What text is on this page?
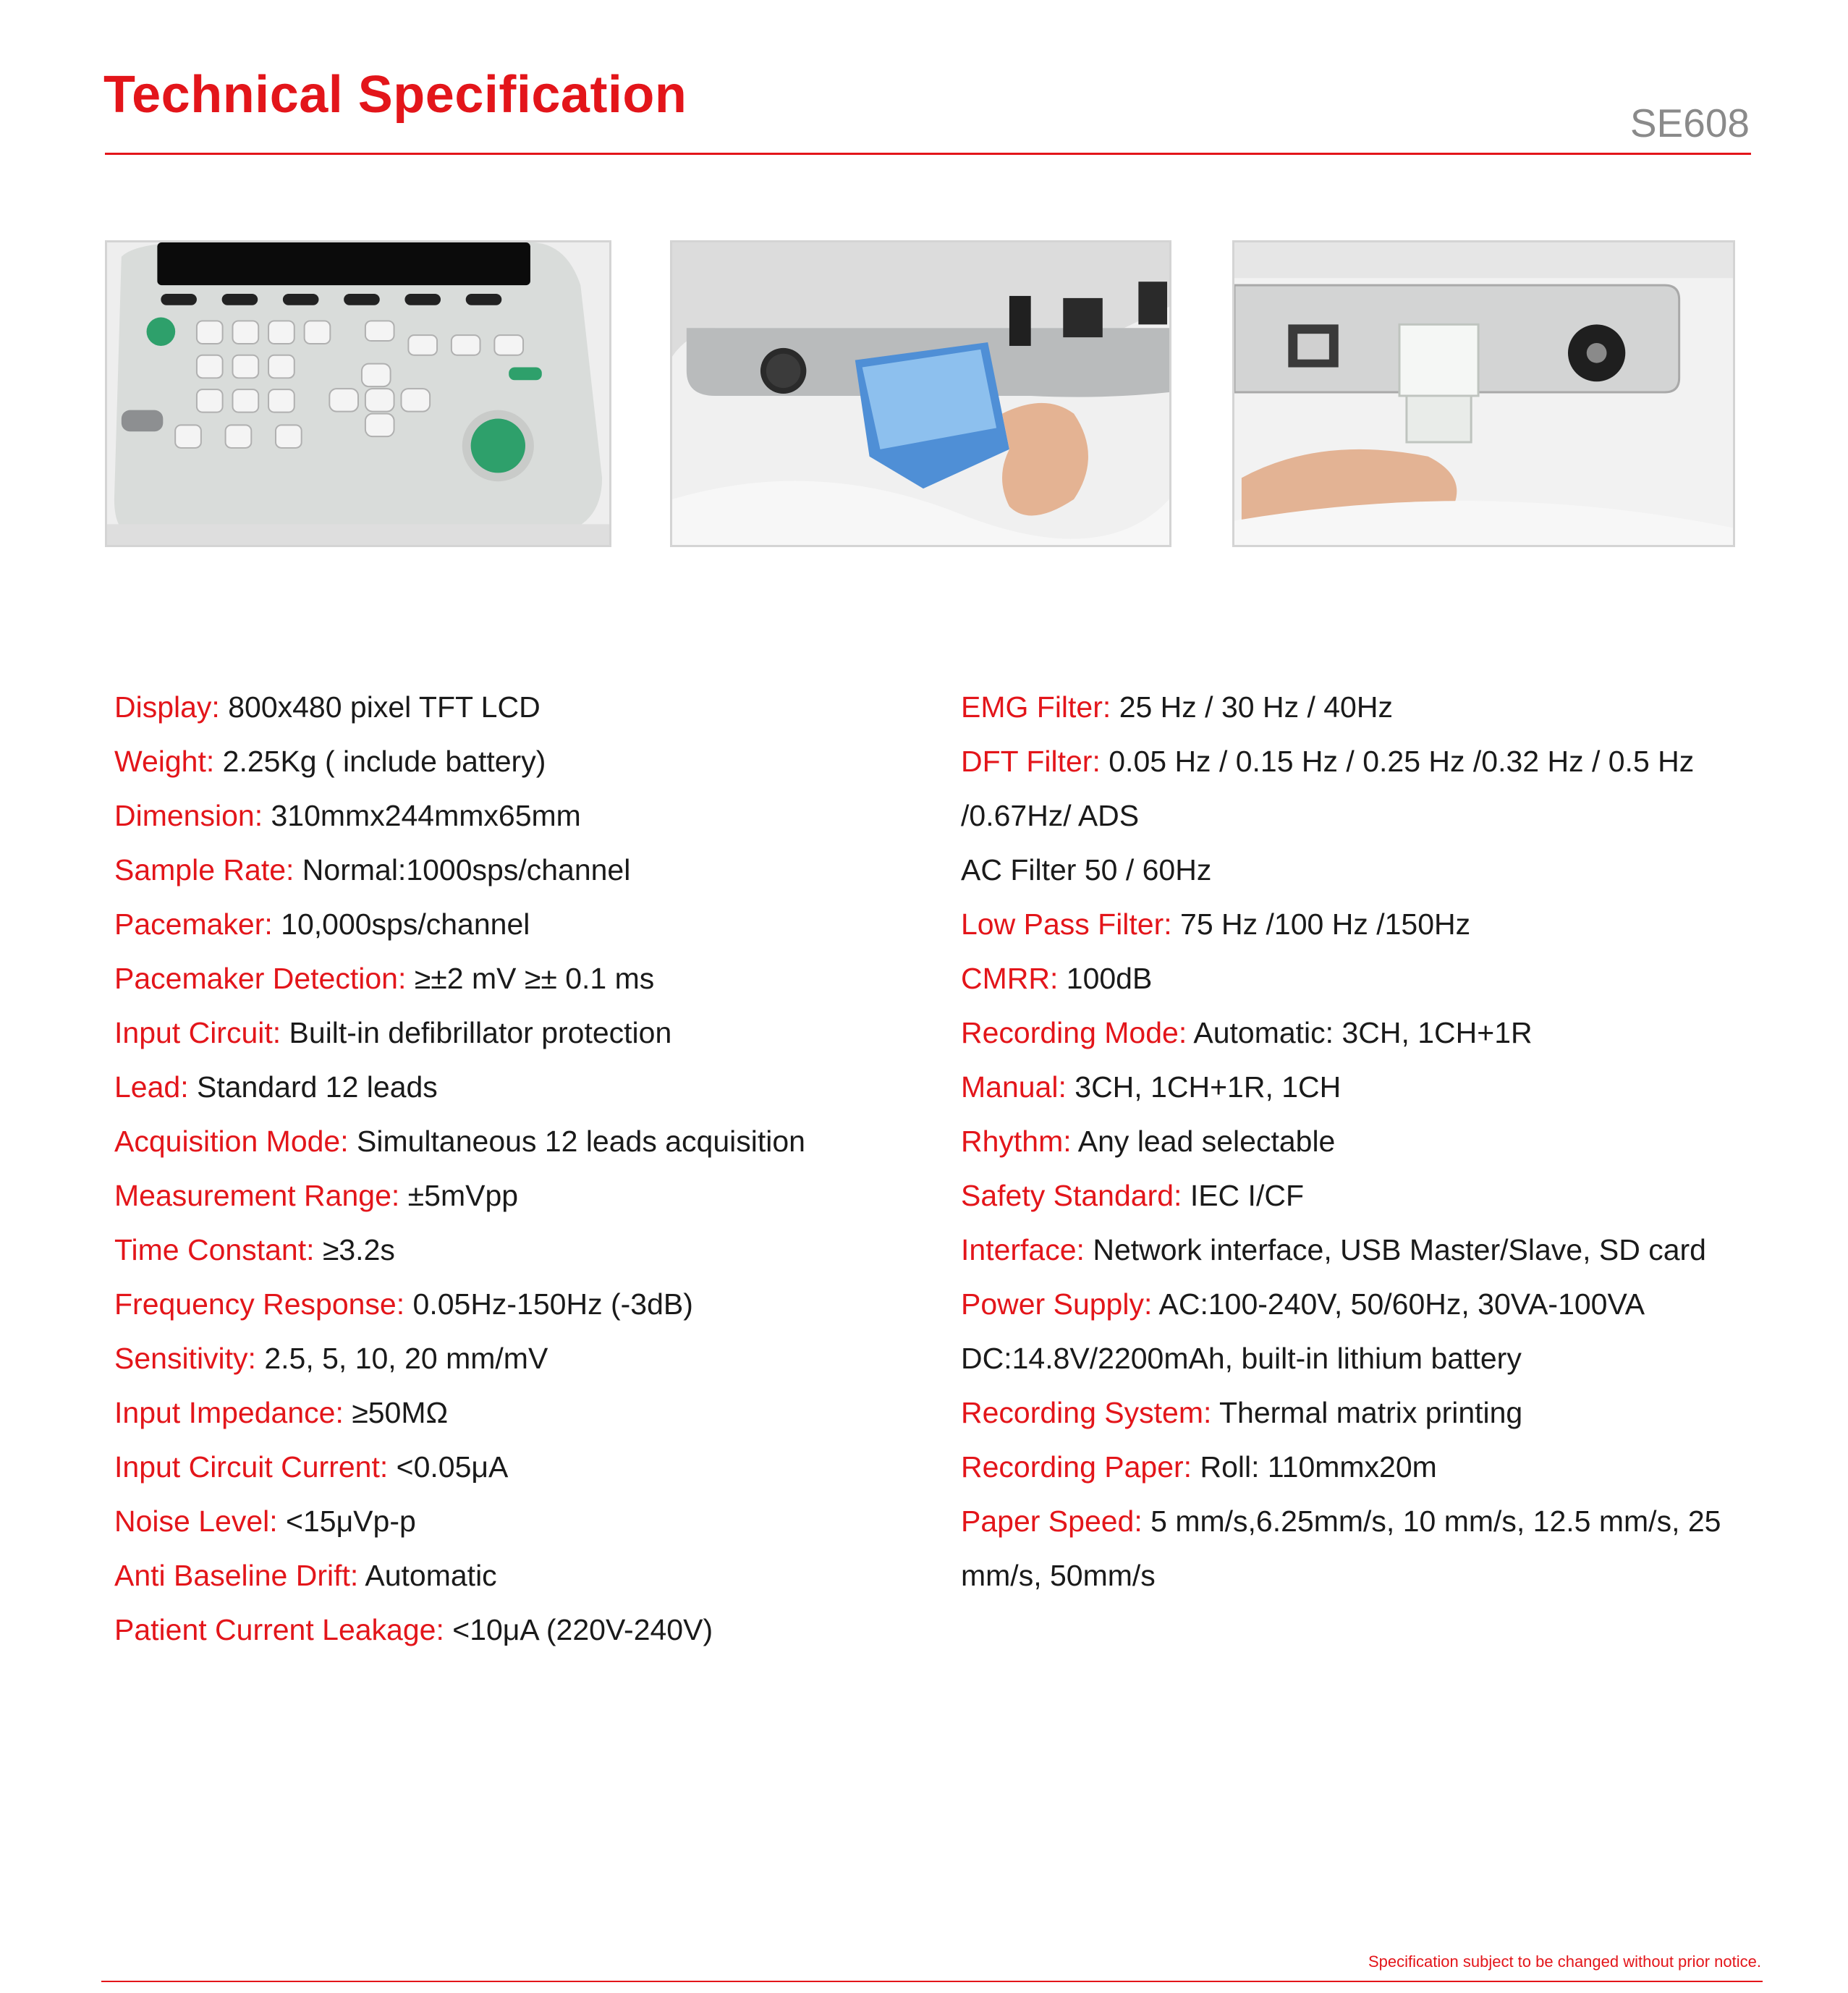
Technical Specification	SE608
Display: 800x480 pixel TFT LCD
Weight: 2.25Kg ( include battery)
Dimension: 310mmx244mmx65mm
Sample Rate: Normal:1000sps/channel
Pacemaker: 10,000sps/channel
Pacemaker Detection: ≥±2 mV ≥± 0.1 ms
Input Circuit: Built-in defibrillator protection
Lead: Standard 12 leads
Acquisition Mode: Simultaneous 12 leads acquisition
Measurement Range: ±5mVpp
Time Constant: ≥3.2s
Frequency Response: 0.05Hz-150Hz (-3dB)
Sensitivity: 2.5, 5, 10, 20 mm/mV
Input Impedance: ≥50MΩ
Input Circuit Current: <0.05μA
Noise Level: <15μVp-p
Anti Baseline Drift: Automatic
Patient Current Leakage: <10μA (220V-240V)
EMG Filter: 25 Hz / 30 Hz / 40Hz
DFT Filter: 0.05 Hz / 0.15 Hz / 0.25 Hz /0.32 Hz / 0.5 Hz
/0.67Hz/ ADS
AC Filter 50 / 60Hz
Low Pass Filter: 75 Hz /100 Hz /150Hz
CMRR: 100dB
Recording Mode: Automatic: 3CH, 1CH+1R
Manual: 3CH, 1CH+1R, 1CH
Rhythm: Any lead selectable
Safety Standard: IEC I/CF
Interface: Network interface, USB Master/Slave, SD card
Power Supply: AC:100-240V, 50/60Hz, 30VA-100VA
DC:14.8V/2200mAh, built-in lithium battery
Recording System: Thermal matrix printing
Recording Paper: Roll: 110mmx20m
Paper Speed: 5 mm/s,6.25mm/s, 10 mm/s, 12.5 mm/s, 25
mm/s, 50mm/s
Specification subject to be changed without prior notice.
